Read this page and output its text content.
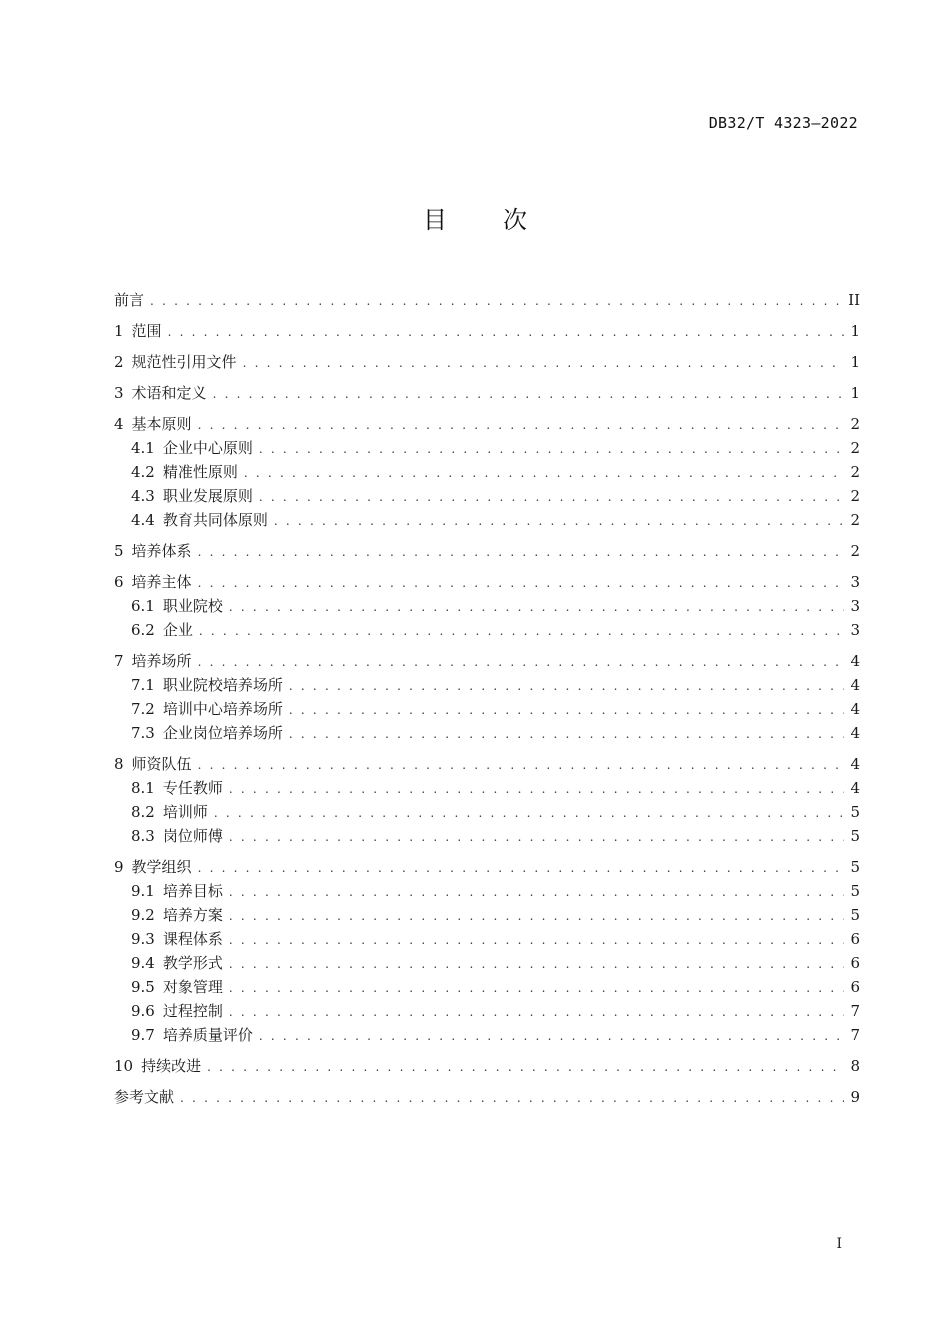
DB32/T 4323—2022
目 次
前言 . . .	II
1 范围 . . .	1
2 规范性引用文件 . . .	1
3 术语和定义 . . .	1
4 基本原则 . . .	2
4.1 企业中心原则 . . .	2
4.2 精准性原则 . . .	2
4.3 职业发展原则 . . .	2
4.4 教育共同体原则 . . .	2
5 培养体系 . . .	2
6 培养主体 . . .	3
6.1 职业院校 . . .	3
6.2 企业 . . .	3
7 培养场所 . . .	4
7.1 职业院校培养场所 . . .	4
7.2 培训中心培养场所 . . .	4
7.3 企业岗位培养场所 . . .	4
8 师资队伍 . . .	4
8.1 专任教师 . . .	4
8.2 培训师 . . .	5
8.3 岗位师傅 . . .	5
9 教学组织 . . .	5
9.1 培养目标 . . .	5
9.2 培养方案 . . .	5
9.3 课程体系 . . .	6
9.4 教学形式 . . .	6
9.5 对象管理 . . .	6
9.6 过程控制 . . .	7
9.7 培养质量评价 . . .	7
10 持续改进 . . .	8
参考文献 . . .	9
I
